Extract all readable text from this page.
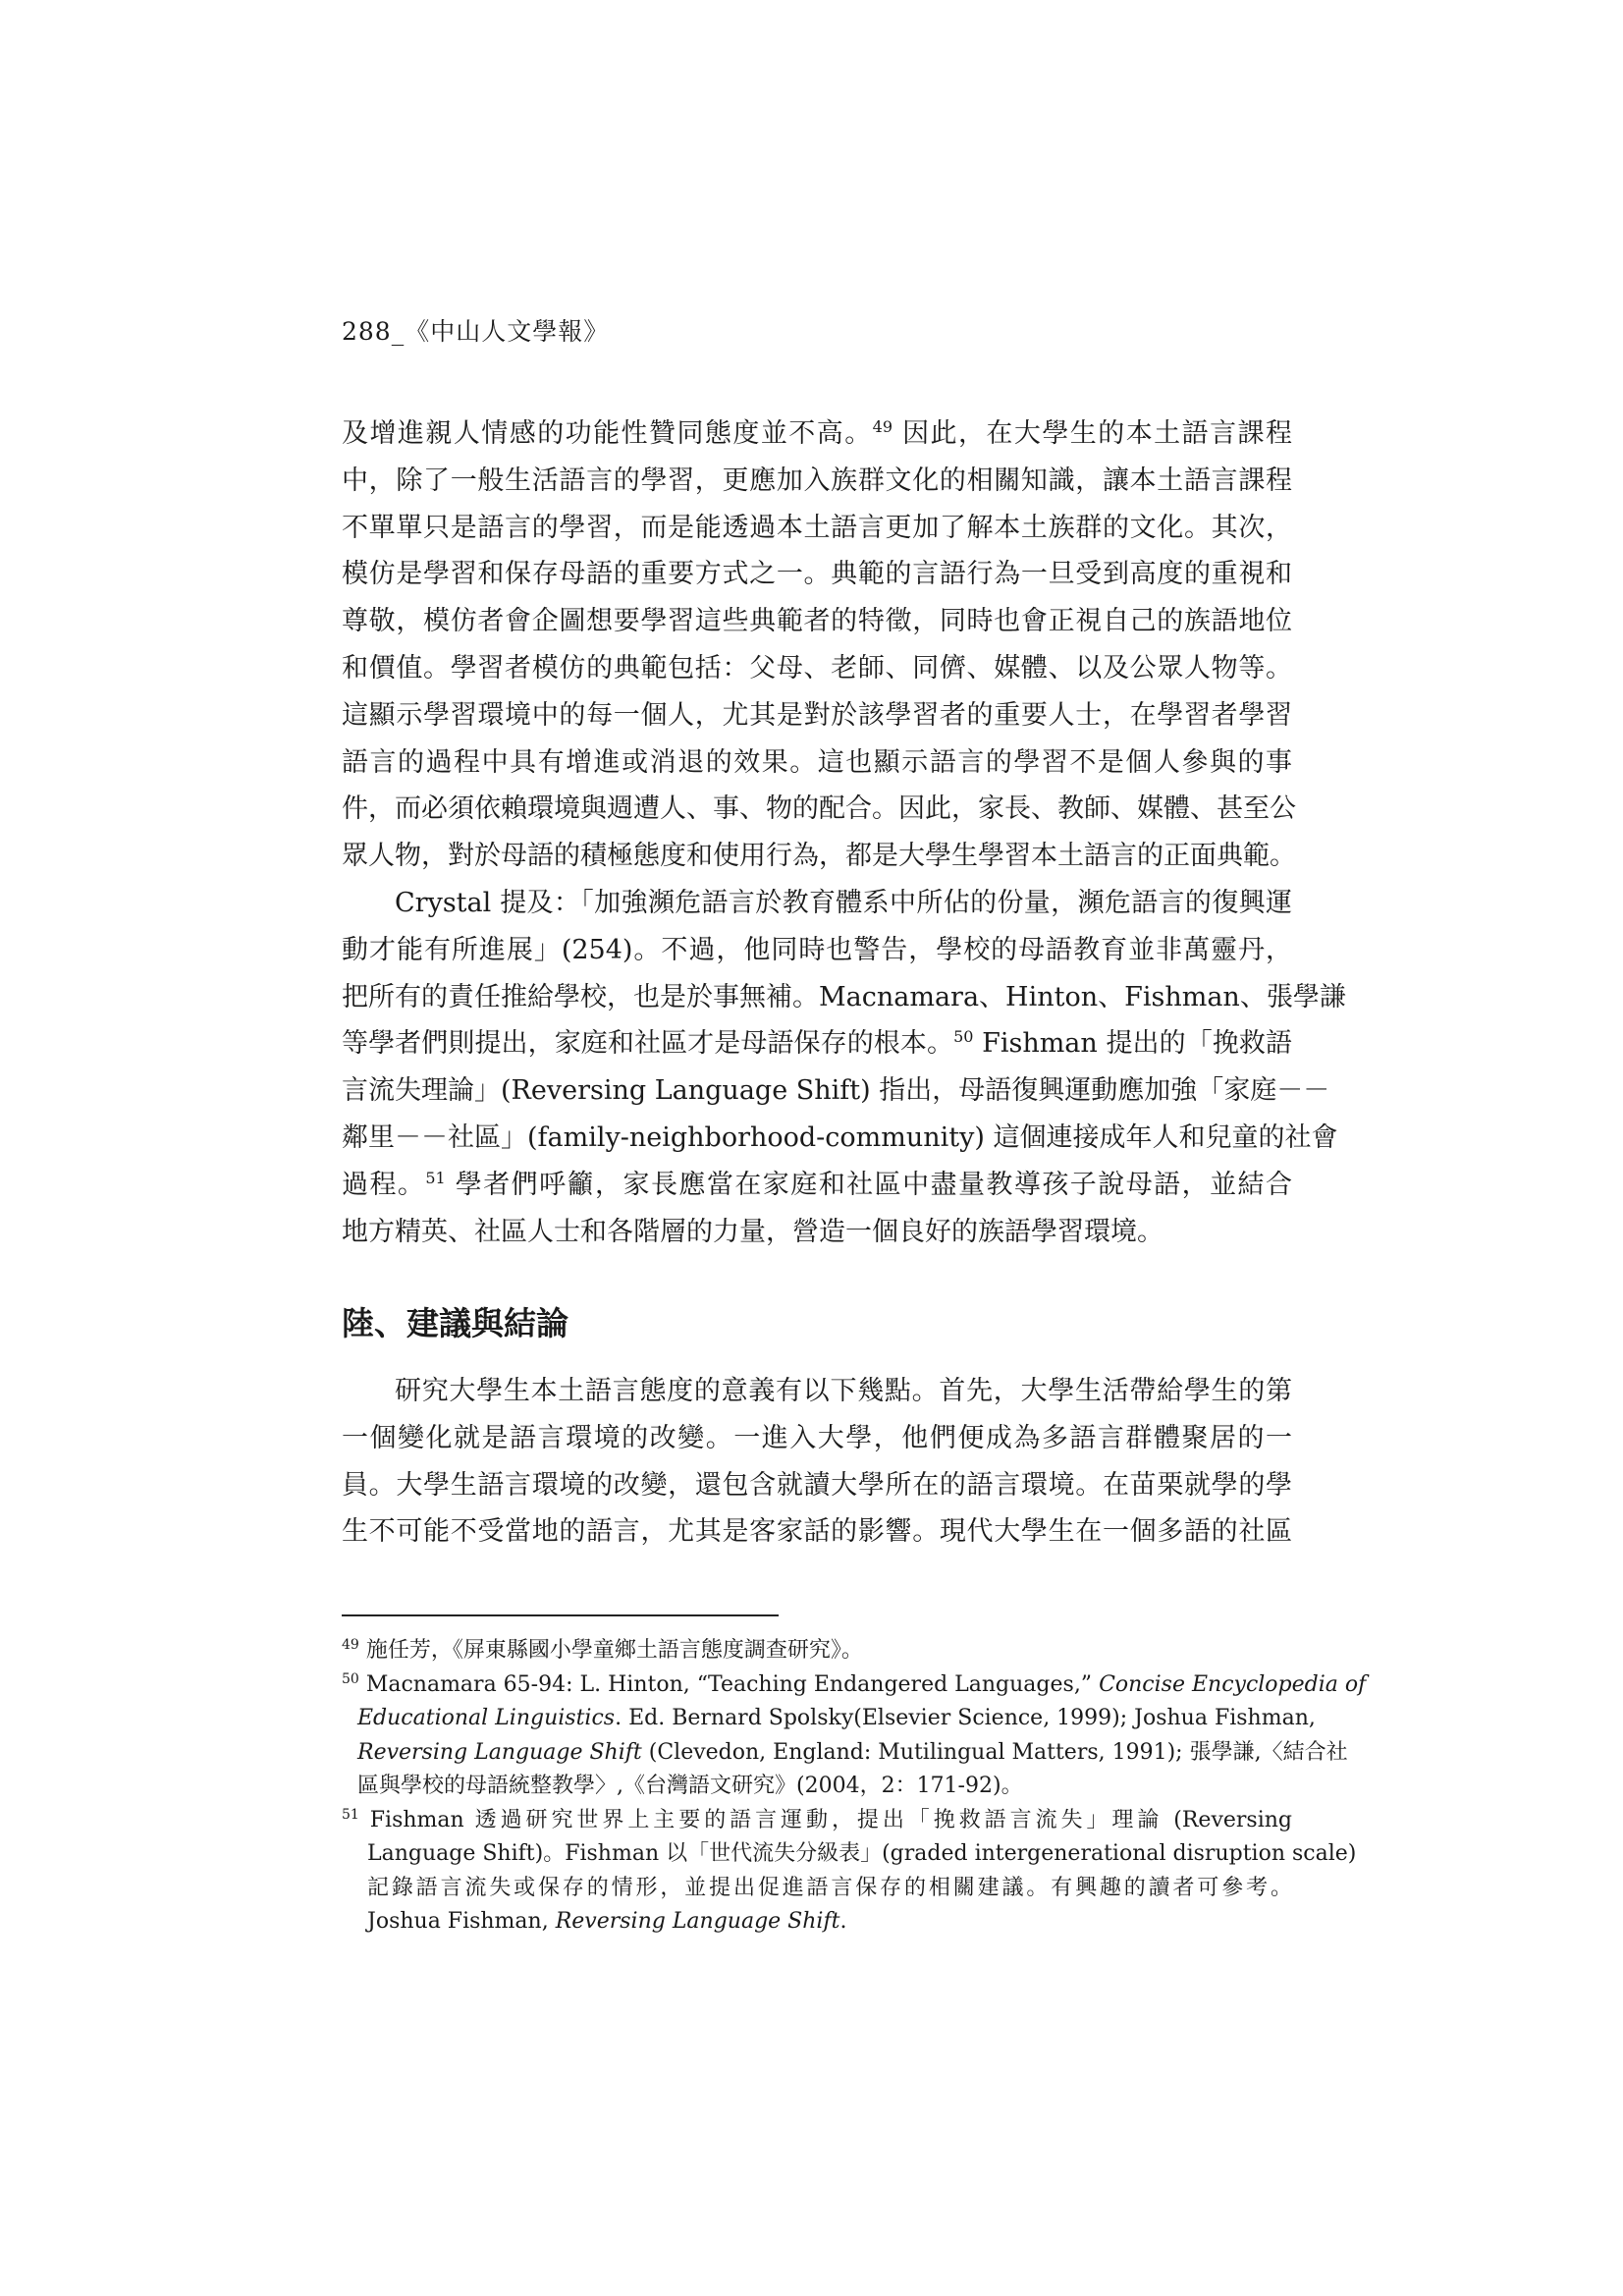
288_《中山人文學報》
及增進親人情感的功能性贊同態度並不高。$^{49}$ 因此，在大學生的本土語言課程
中，除了一般生活語言的學習，更應加入族群文化的相關知識，讓本土語言課程
不單單只是語言的學習，而是能透過本土語言更加了解本土族群的文化。其次，
模仿是學習和保存母語的重要方式之一。典範的言語行為一旦受到高度的重視和
尊敬，模仿者會企圖想要學習這些典範者的特徵，同時也會正視自己的族語地位
和價值。學習者模仿的典範包括：父母、老師、同儕、媒體、以及公眾人物等。
這顯示學習環境中的每一個人，尤其是對於該學習者的重要人士，在學習者學習
語言的過程中具有增進或消退的效果。這也顯示語言的學習不是個人參與的事
件，而必須依賴環境與週遭人、事、物的配合。因此，家長、教師、媒體、甚至公
眾人物，對於母語的積極態度和使用行為，都是大學生學習本土語言的正面典範。
Crystal 提及：「加強瀕危語言於教育體系中所佔的份量，瀕危語言的復興運
動才能有所進展」(254)。不過，他同時也警告，學校的母語教育並非萬靈丹，
把所有的責任推給學校，也是於事無補。Macnamara、Hinton、Fishman、張學謙
等學者們則提出，家庭和社區才是母語保存的根本。$^{50}$ Fishman 提出的「挽救語
言流失理論」(Reversing Language Shift) 指出，母語復興運動應加強「家庭－－
鄰里－－社區」(family-neighborhood-community) 這個連接成年人和兒童的社會
過程。$^{51}$ 學者們呼籲，家長應當在家庭和社區中盡量教導孩子說母語，並結合
地方精英、社區人士和各階層的力量，營造一個良好的族語學習環境。
陸、建議與結論
研究大學生本土語言態度的意義有以下幾點。首先，大學生活帶給學生的第
一個變化就是語言環境的改變。一進入大學，他們便成為多語言群體聚居的一
員。大學生語言環境的改變，還包含就讀大學所在的語言環境。在苗栗就學的學
生不可能不受當地的語言，尤其是客家話的影響。現代大學生在一個多語的社區
$^{49}$ 施任芳，《屏東縣國小學童鄉土語言態度調查研究》。
$^{50}$ Macnamara 65-94: L. Hinton, “Teaching Endangered Languages,” Concise Encyclopedia of
Educational Linguistics. Ed. Bernard Spolsky(Elsevier Science, 1999); Joshua Fishman,
Reversing Language Shift (Clevedon, England: Mutilingual Matters, 1991); 張學謙,〈結合社
區與學校的母語統整教學〉,《台灣語文研究》(2004，2：171-92)。
$^{51}$ Fishman 透過研究世界上主要的語言運動，提出「挽救語言流失」理論 (Reversing
Language Shift)。Fishman 以「世代流失分級表」(graded intergenerational disruption scale)
記錄語言流失或保存的情形，並提出促進語言保存的相關建議。有興趣的讀者可參考。
Joshua Fishman, Reversing Language Shift.
